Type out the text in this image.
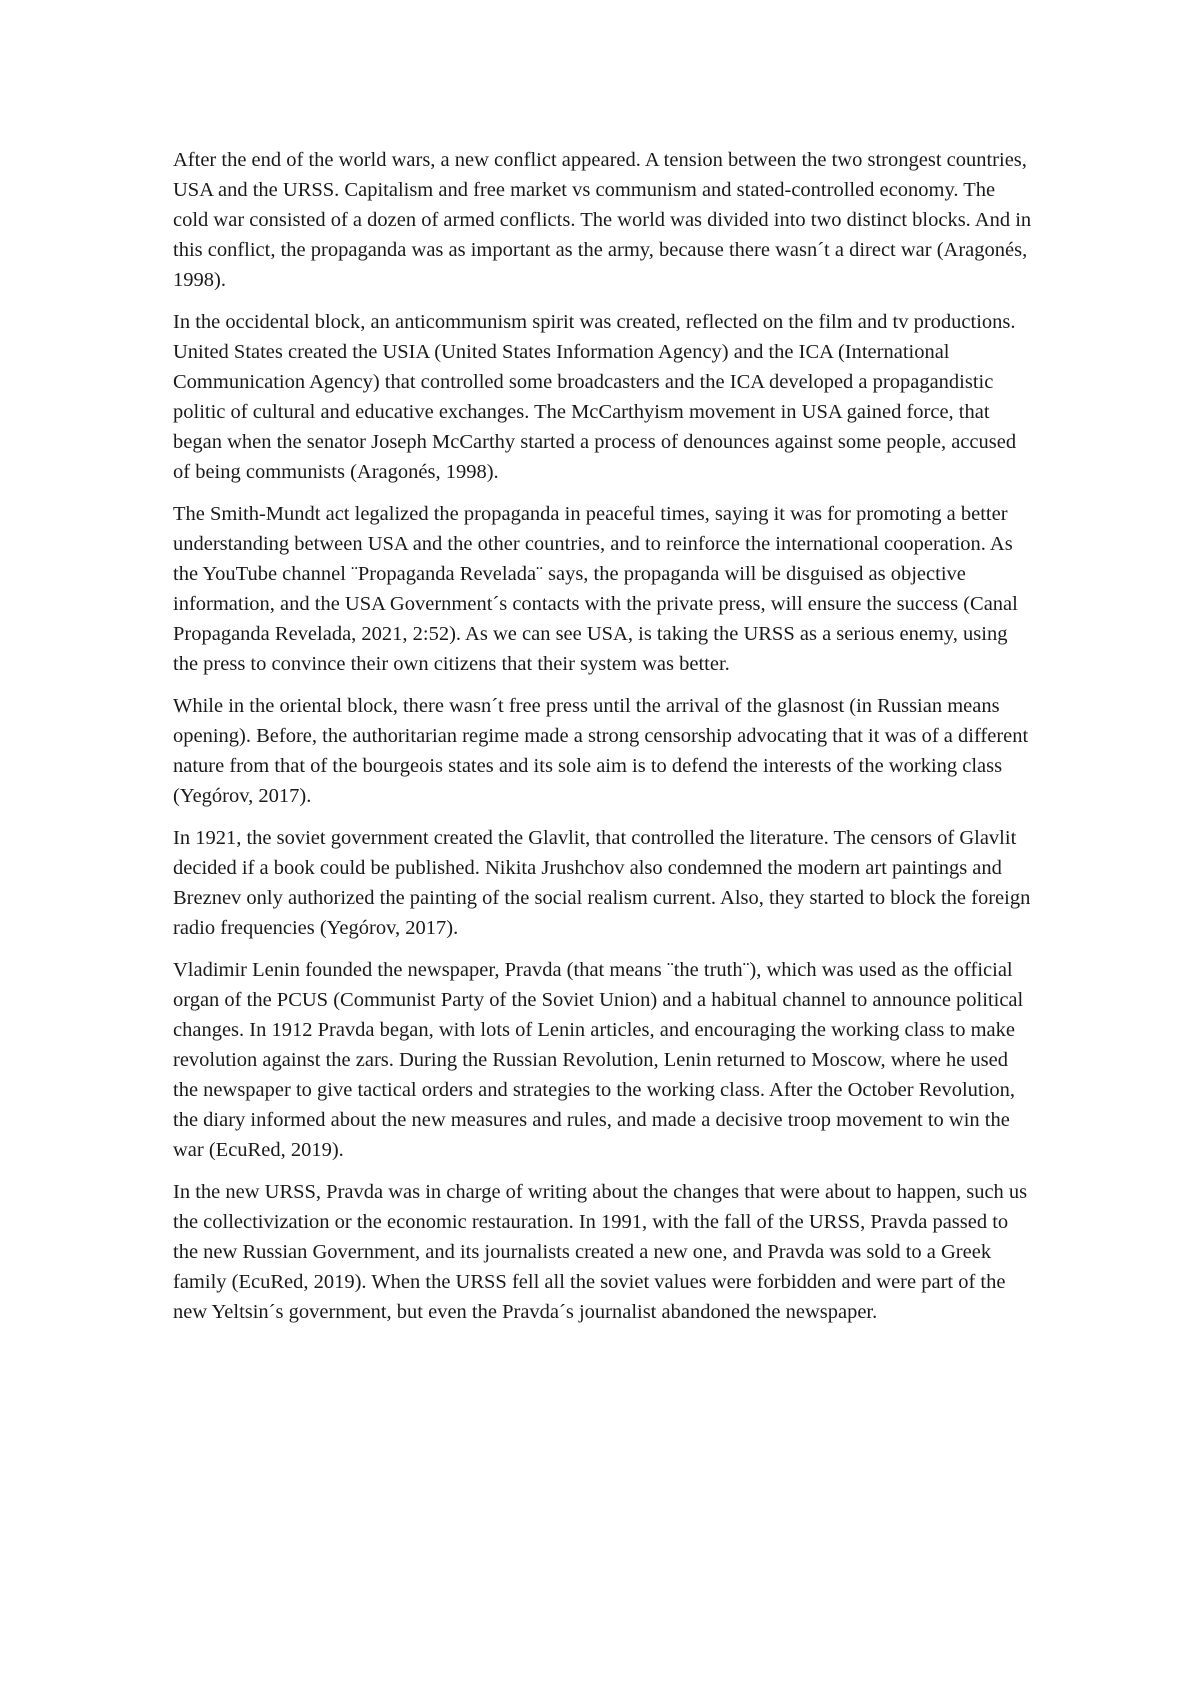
After the end of the world wars, a new conflict appeared. A tension between the two strongest countries, USA and the URSS. Capitalism and free market vs communism and stated-controlled economy. The cold war consisted of a dozen of armed conflicts. The world was divided into two distinct blocks. And in this conflict, the propaganda was as important as the army, because there wasn´t a direct war (Aragonés, 1998).

In the occidental block, an anticommunism spirit was created, reflected on the film and tv productions. United States created the USIA (United States Information Agency) and the ICA (International Communication Agency) that controlled some broadcasters and the ICA developed a propagandistic politic of cultural and educative exchanges. The McCarthyism movement in USA gained force, that began when the senator Joseph McCarthy started a process of denounces against some people, accused of being communists (Aragonés, 1998).

The Smith-Mundt act legalized the propaganda in peaceful times, saying it was for promoting a better understanding between USA and the other countries, and to reinforce the international cooperation. As the YouTube channel ¨Propaganda Revelada¨ says, the propaganda will be disguised as objective information, and the USA Government´s contacts with the private press, will ensure the success (Canal Propaganda Revelada, 2021, 2:52). As we can see USA, is taking the URSS as a serious enemy, using the press to convince their own citizens that their system was better.

While in the oriental block, there wasn´t free press until the arrival of the glasnost (in Russian means opening). Before, the authoritarian regime made a strong censorship advocating that it was of a different nature from that of the bourgeois states and its sole aim is to defend the interests of the working class (Yegórov, 2017).

In 1921, the soviet government created the Glavlit, that controlled the literature. The censors of Glavlit decided if a book could be published. Nikita Jrushchov also condemned the modern art paintings and Breznev only authorized the painting of the social realism current. Also, they started to block the foreign radio frequencies (Yegórov, 2017).

Vladimir Lenin founded the newspaper, Pravda (that means ¨the truth¨), which was used as the official organ of the PCUS (Communist Party of the Soviet Union) and a habitual channel to announce political changes. In 1912 Pravda began, with lots of Lenin articles, and encouraging the working class to make revolution against the zars. During the Russian Revolution, Lenin returned to Moscow, where he used the newspaper to give tactical orders and strategies to the working class. After the October Revolution, the diary informed about the new measures and rules, and made a decisive troop movement to win the war (EcuRed, 2019).

In the new URSS, Pravda was in charge of writing about the changes that were about to happen, such us the collectivization or the economic restauration. In 1991, with the fall of the URSS, Pravda passed to the new Russian Government, and its journalists created a new one, and Pravda was sold to a Greek family (EcuRed, 2019). When the URSS fell all the soviet values were forbidden and were part of the new Yeltsin´s government, but even the Pravda´s journalist abandoned the newspaper.
